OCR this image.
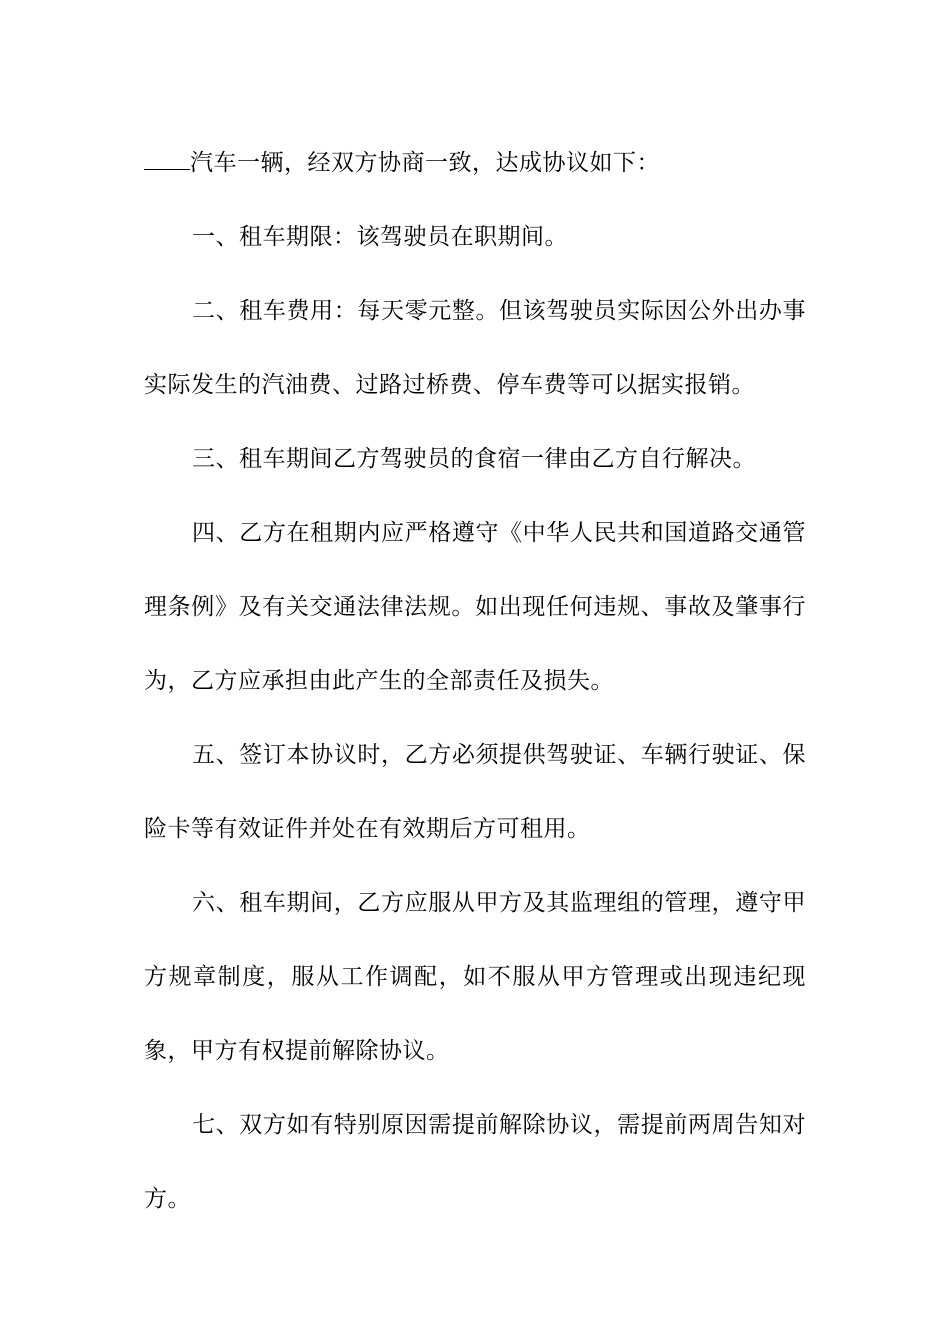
汽车一辆，经双方协商一致，达成协议如下：

一、租车期限：该驾驶员在职期间。

二、租车费用：每天零元整。但该驾驶员实际因公外出办事实际发生的汽油费、过路过桥费、停车费等可以据实报销。

三、租车期间乙方驾驶员的食宿一律由乙方自行解决。

四、乙方在租期内应严格遵守《中华人民共和国道路交通管理条例》及有关交通法律法规。如出现任何违规、事故及肇事行为，乙方应承担由此产生的全部责任及损失。

五、签订本协议时，乙方必须提供驾驶证、车辆行驶证、保险卡等有效证件并处在有效期后方可租用。

六、租车期间，乙方应服从甲方及其监理组的管理，遵守甲方规章制度，服从工作调配，如不服从甲方管理或出现违纪现象，甲方有权提前解除协议。

七、双方如有特别原因需提前解除协议，需提前两周告知对方。
